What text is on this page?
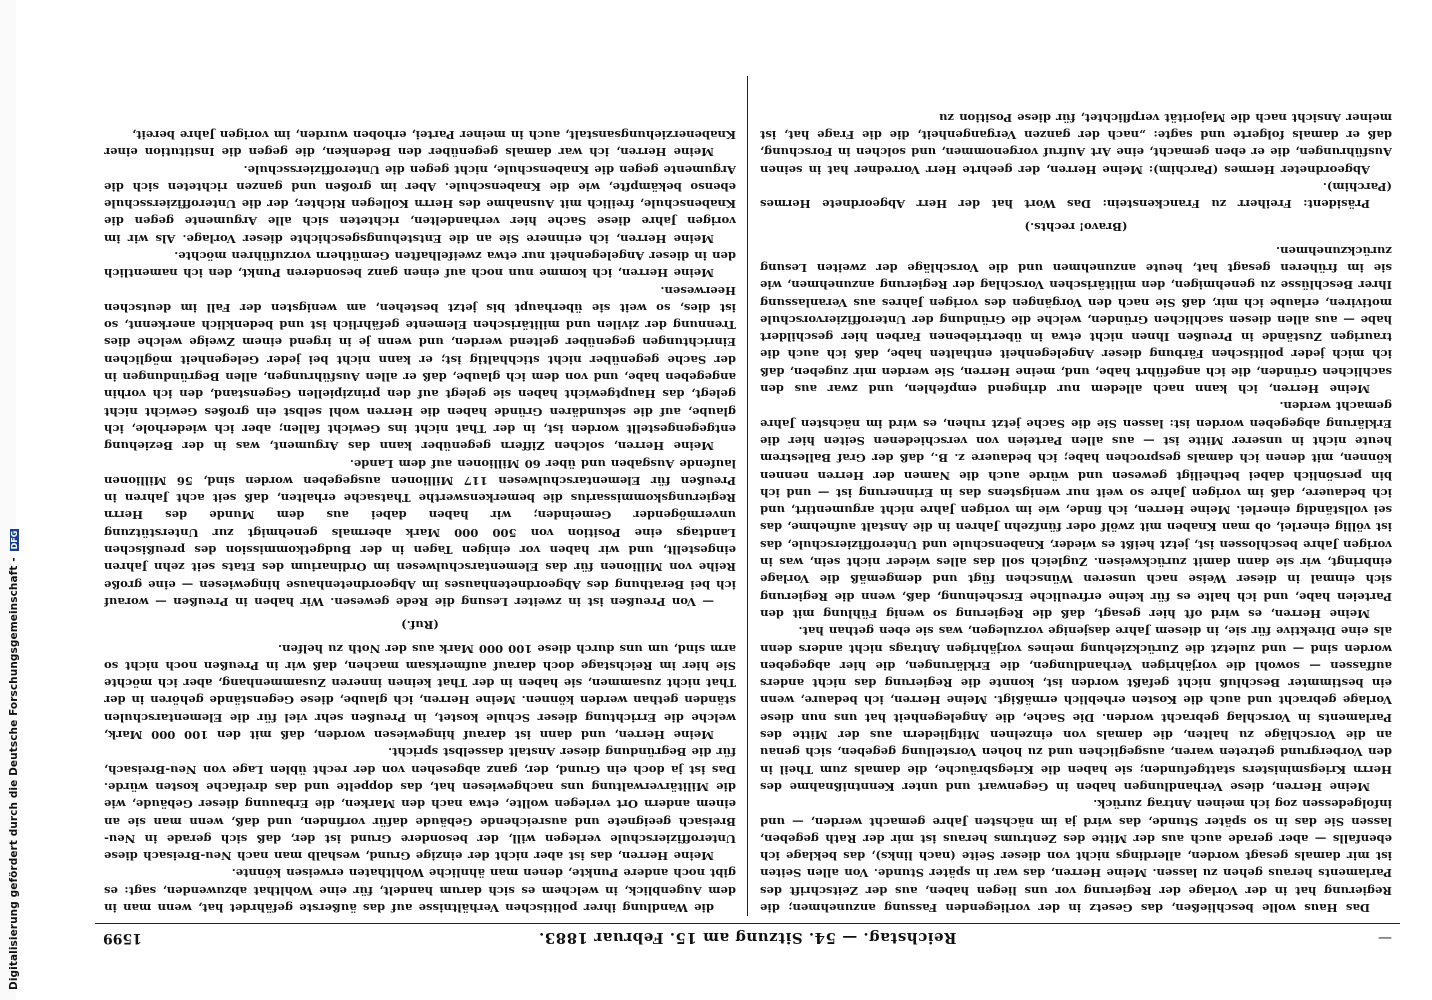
Digitalisierung gefördert durch die Deutsche Forschungsgemeinschaft -DFG
—
Reichstag. — 54. Sitzung am 15. Februar 1883.
1599

Das Haus wolle beschließen, das Gesetz in der vorliegenden Fassung anzunehmen; die Regierung hat in der Vorlage der Regierung vor uns liegen haben, aus der Zeitschrift des Parlaments heraus gehen zu lassen. Meine Herren, das war in später Stunde. Von allen Seiten ist mir damals gesagt worden, allerdings nicht von dieser Seite (nach links), das beklage ich ebenfalls — aber gerade auch aus der Mitte des Zentrums heraus ist mir der Rath gegeben, lassen Sie das in so später Stunde, das wird ja im nächsten Jahre gemacht werden, — und infolgedessen zog ich meinen Antrag zurück.

Meine Herren, diese Verhandlungen haben in Gegenwart und unter Kenntnißnahme des Herrn Kriegsministers stattgefunden; sie haben die Kriegsbräuche, die damals zum Theil in den Vorbergrund getreten waren, ausgeglichen und zu hohen Vorstellung gegeben, sich genau an die Vorschläge zu halten, die damals von einzelnen Mitgliedern aus der Mitte des Parlaments in Vorschlag gebracht worden. Die Sache, die Angelegenheit hat uns nun diese Vorlage gebracht und auch die Kosten erheblich ermäßigt. Meine Herren, ich bedaure, wenn ein bestimmter Beschluß nicht gefaßt worden ist, konnte die Regierung das nicht anders auffassen — sowohl die vorjährigen Verhandlungen, die Erklärungen, die hier abgegeben worden sind — und zuletzt die Zurückziehung meines vorjährigen Antrags nicht anders denn als eine Direktive für sie, in diesem Jahre dasjenige vorzulegen, was sie eben gethan hat.

Meine Herren, es wird oft hier gesagt, daß die Regierung so wenig Fühlung mit den Parteien habe, und ich halte es für keine erfreuliche Erscheinung, daß, wenn die Regierung sich einmal in dieser Weise nach unseren Wünschen fügt und demgemäß die Vorlage einbringt, wir sie dann damit zurückweisen. Zugleich soll das alles wieder nicht sein, was in vorigen Jahre beschlossen ist, jetzt heißt es wieder, Knabenschule und Unteroffizierschule, das ist völlig einerlei, ob man Knaben mit zwölf oder fünfzehn Jahren in die Anstalt aufnehme, das sei vollständig einerlei. Meine Herren, ich finde, wie im vorigen Jahre nicht argumentirt, und ich bedauere, daß im vorigen Jahre so weit nur wenigstens das in Erinnerung ist — und ich bin persönlich dabei betheiligt gewesen und würde auch die Namen der Herren nennen können, mit denen ich damals gesprochen habe; ich bedauere z. B., daß der Graf Ballestrem heute nicht in unserer Mitte ist — aus allen Parteien von verschiedenen Seiten hier die Erklärung abgegeben worden ist: lassen Sie die Sache jetzt ruhen, es wird im nächsten Jahre gemacht werden.

Meine Herren, ich kann nach alledem nur dringend empfehlen, und zwar aus den sachlichen Gründen, die ich angeführt habe, und, meine Herren, Sie werden mir zugeben, daß ich mich jeder politischen Färbung dieser Angelegenheit enthalten habe, daß ich auch die traurigen Zustände in Preußen Ihnen nicht etwa in übertriebenen Farben hier geschildert habe — aus allen diesen sachlichen Gründen, welche die Gründung der Unteroffiziervorschule motiviren, erlaube ich mir, daß Sie nach den Vorgängen des vorigen Jahres aus Veranlassung Ihrer Beschlüsse zu genehmigen, den militärischen Vorschlag der Regierung anzunehmen, wie sie im früheren gesagt hat, heute anzunehmen und die Vorschläge der zweiten Lesung zurückzunehmen.

(Bravo! rechts.)

Präsident: Freiherr zu Franckenstein: Das Wort hat der Herr Abgeordnete Hermes (Parchim).

Abgeordneter Hermes (Parchim): Meine Herren, der geehrte Herr Vorredner hat in seinen Ausführungen, die er eben gemacht, eine Art Aufruf vorgenommen, und solchen in Forschung, daß er damals folgerte und sagte: „nach der ganzen Vergangenheit, die die Frage hat, ist meiner Ansicht nach die Majorität verpflichtet, für diese Position zu

die Wandlung ihrer politischen Verhältnisse auf das äußerste gefährdet hat, wenn man in dem Augenblick, in welchem es sich darum handelt, für eine Wohlthat abzuwenden, sagt: es gibt noch andere Punkte, denen man ähnliche Wohlthaten erweisen könnte.

Meine Herren, das ist aber nicht der einzige Grund, weshalb man nach Neu-Breisach diese Unteroffizierschule verlegen will, der besondere Grund ist der, daß sich gerade in Neu-Breisach geeignete und ausreichende Gebäude dafür vorfinden, und daß, wenn man sie an einem andern Ort verlegen wollte, etwa nach den Marken, die Erbauung dieser Gebäude, wie die Militärverwaltung uns nachgewiesen hat, das doppelte und das dreifache kosten würde. Das ist ja doch ein Grund, der, ganz abgesehen von der recht üblen Lage von Neu-Breisach, für die Begründung dieser Anstalt dasselbst spricht.

Meine Herren, und dann ist darauf hingewiesen worden, daß mit den 100 000 Mark, welche die Errichtung dieser Schule kostet, in Preußen sehr viel für die Elementarschulen ständen gethan werden können. Meine Herren, ich glaube, diese Gegenstände gehören in der That nicht zusammen, sie haben in der That keinen inneren Zusammenhang, aber ich möchte Sie hier im Reichstage doch darauf aufmerksam machen, daß wir in Preußen noch nicht so arm sind, um uns durch diese 100 000 Mark aus der Noth zu helfen.

(Ruf.)

— Von Preußen ist in zweiter Lesung die Rede gewesen. Wir haben in Preußen — worauf ich bei Berathung des Abgeordnetenhauses im Abgeordnetenhause hingewiesen — eine große Reihe von Millionen für das Elementarschulwesen im Ordinarium des Etats seit zehn Jahren eingestellt, und wir haben vor einigen Tagen in der Budgetkommission des preußischen Landtags eine Position von 500 000 Mark abermals genehmigt zur Unterstützung unvermögender Gemeinden; wir haben dabei aus dem Munde des Herrn Regierungskommissarius die bemerkenswerthe Thatsache erhalten, daß seit acht Jahren in Preußen für Elementarschulwesen 117 Millionen ausgegeben worden sind, 56 Millionen laufende Ausgaben und über 60 Millionen auf dem Lande.

Meine Herren, solchen Ziffern gegenüber kann das Argument, was in der Beziehung entgegengestellt worden ist, in der That nicht ins Gewicht fallen; aber ich wiederhole, ich glaube, auf die sekundären Gründe haben die Herren wohl selbst ein großes Gewicht nicht gelegt, das Hauptgewicht haben sie gelegt auf den prinzipiellen Gegenstand, den ich vorhin angegeben habe, und von dem ich glaube, daß er allen Ausführungen, allen Begründungen in der Sache gegenüber nicht stichhaltig ist; er kann nicht bei jeder Gelegenheit möglichen Einrichtungen gegenüber geltend werden, und wenn je in irgend einem Zweige welche dies Trennung der zivilen und militärischen Elemente gefährlich ist und bedenklich anerkennt, so ist dies, so weit sie überhaupt bis jetzt bestehen, am wenigsten der Fall im deutschen Heerwesen.

Meine Herren, ich komme nun noch auf einen ganz besonderen Punkt, den ich namentlich den in dieser Angelegenheit nur etwa zweifelhaften Gemüthern vorzuführen möchte.

Meine Herren, ich erinnere Sie an die Entstehungsgeschichte dieser Vorlage. Als wir im vorigen Jahre diese Sache hier verhandelten, richteten sich alle Argumente gegen die Knabenschule, freilich mit Ausnahme des Herrn Kollegen Richter, der die Unteroffiziersschule ebenso bekämpfte, wie die Knabenschule. Aber im großen und ganzen richteten sich die Argumente gegen die Knabenschule, nicht gegen die Unteroffiziersschule.

Meine Herren, ich war damals gegenüber den Bedenken, die gegen die Institution einer Knabenerziehungsanstalt, auch in meiner Partei, erhoben wurden, im vorigen Jahre bereit,
